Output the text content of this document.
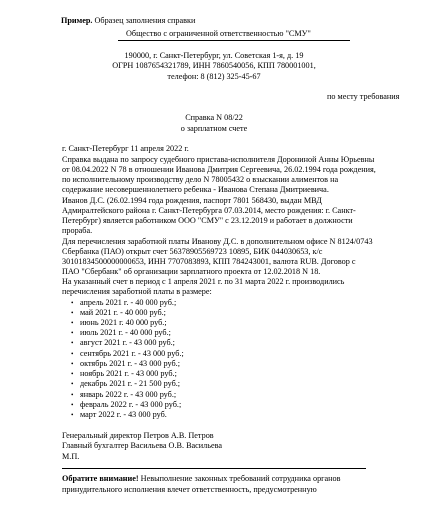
Пример. Образец заполнения справки
Общество с ограниченной ответственностью "СМУ"
190000, г. Санкт-Петербург, ул. Советская 1-я, д. 19
ОГРН 1087654321789, ИНН 7860540056, КПП 780001001,
телефон: 8 (812) 325-45-67
по месту требования
Справка N 08/22
о зарплатном счете
г. Санкт-Петербург 11 апреля 2022 г.
Справка выдана по запросу судебного пристава-исполнителя Дорониной Анны Юрьевны
от 08.04.2022 N 78 в отношении Иванова Дмитрия Сергеевича, 26.02.1994 года рождения,
по исполнительному производству дело N 78005432 о взыскании алиментов на
содержание несовершеннолетнего ребенка - Иванова Степана Дмитриевича.
Иванов Д.С. (26.02.1994 года рождения, паспорт 7801 568430, выдан МВД
Адмиралтейского района г. Санкт-Петербурга 07.03.2014, место рождения: г. Санкт-
Петербург) является работником ООО "СМУ" с 23.12.2019 и работает в должности
прораба.
Для перечисления заработной платы Иванову Д.С. в дополнительном офисе N 8124/0743
Сбербанка (ПАО) открыт счет 56378905569723 10895, БИК 044030653, к/с
30101834500000000653, ИНН 7707083893, КПП 784243001, валюта RUB. Договор с
ПАО "Сбербанк" об организации зарплатного проекта от 12.02.2018 N 18.
На указанный счет в период с 1 апреля 2021 г. по 31 марта 2022 г. производились
перечисления заработной платы в размере:
• апрель 2021 г. - 40 000 руб.;
• май 2021 г. - 40 000 руб.;
• июнь 2021 г. 40 000 руб.;
• июль 2021 г. - 40 000 руб.;
• август 2021 г. - 43 000 руб.;
• сентябрь 2021 г. - 43 000 руб.;
• октябрь 2021 г. - 43 000 руб.;
• ноябрь 2021 г. - 43 000 руб.;
• декабрь 2021 г. - 21 500 руб.;
• январь 2022 г. - 43 000 руб.;
• февраль 2022 г. - 43 000 руб.;
• март 2022 г. - 43 000 руб.
Генеральный директор Петров А.В. Петров
Главный бухгалтер Васильева О.В. Васильева
М.П.
Обратите внимание! Невыполнение законных требований сотрудника органов
принудительного исполнения влечет ответственность, предусмотренную
